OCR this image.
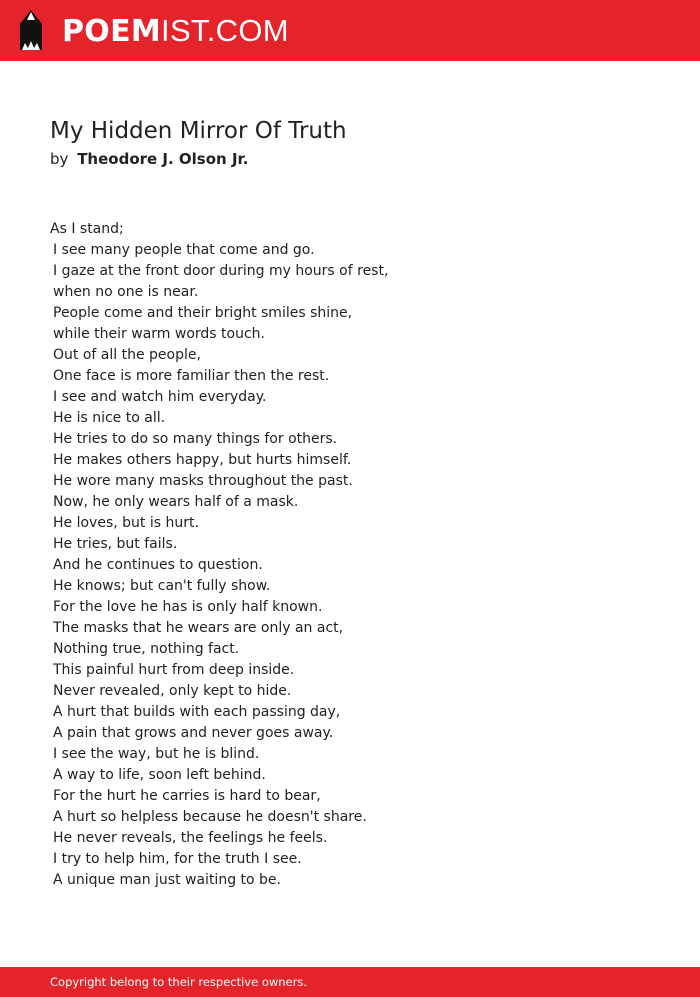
POEMIST.COM
My Hidden Mirror Of Truth
by Theodore J. Olson Jr.
As I stand;
I see many people that come and go.
I gaze at the front door during my hours of rest,
when no one is near.
People come and their bright smiles shine,
while their warm words touch.
Out of all the people,
One face is more familiar then the rest.
I see and watch him everyday.
He is nice to all.
He tries to do so many things for others.
He makes others happy, but hurts himself.
He wore many masks throughout the past.
Now, he only wears half of a mask.
He loves, but is hurt.
He tries, but fails.
And he continues to question.
He knows; but can't fully show.
For the love he has is only half known.
The masks that he wears are only an act,
Nothing true, nothing fact.
This painful hurt from deep inside.
Never revealed, only kept to hide.
A hurt that builds with each passing day,
A pain that grows and never goes away.
I see the way, but he is blind.
A way to life, soon left behind.
For the hurt he carries is hard to bear,
A hurt so helpless because he doesn't share.
He never reveals, the feelings he feels.
I try to help him, for the truth I see.
A unique man just waiting to be.
Copyright belong to their respective owners.
